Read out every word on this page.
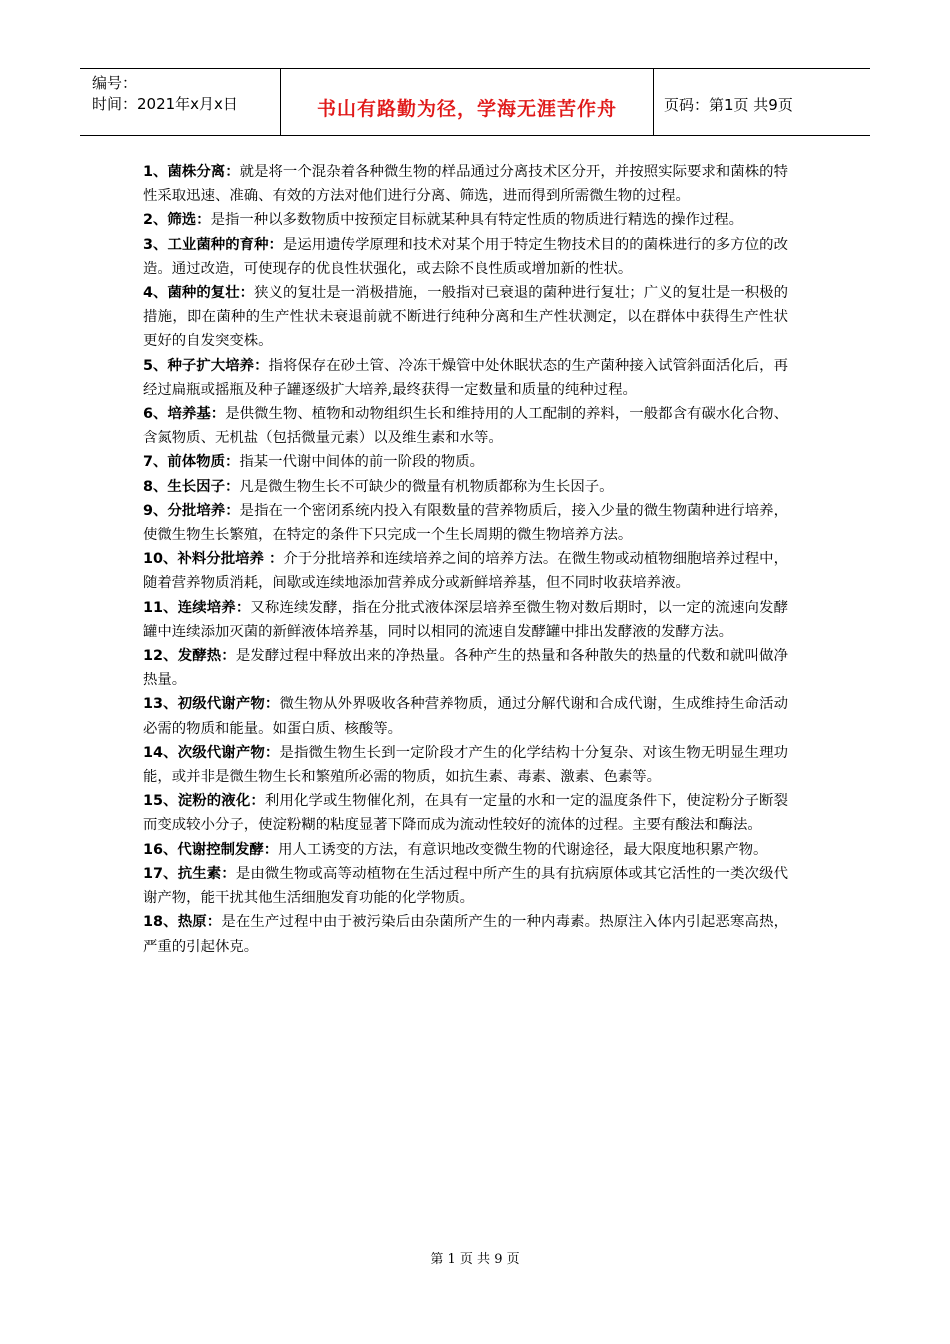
编号：
时间：2021年x月x日	书山有路勤为径，学海无涯苦作舟	页码：第1页 共9页

1、菌株分离：就是将一个混杂着各种微生物的样品通过分离技术区分开，并按照实际要求和菌株的特性采取迅速、准确、有效的方法对他们进行分离、筛选，进而得到所需微生物的过程。

2、筛选：是指一种以多数物质中按预定目标就某种具有特定性质的物质进行精选的操作过程。

3、工业菌种的育种：是运用遗传学原理和技术对某个用于特定生物技术目的的菌株进行的多方位的改造。通过改造，可使现存的优良性状强化，或去除不良性质或增加新的性状。

4、菌种的复壮：狭义的复壮是一消极措施，一般指对已衰退的菌种进行复壮；广义的复壮是一积极的措施，即在菌种的生产性状未衰退前就不断进行纯种分离和生产性状测定，以在群体中获得生产性状更好的自发突变株。

5、种子扩大培养：指将保存在砂土管、冷冻干燥管中处休眠状态的生产菌种接入试管斜面活化后，再经过扁瓶或摇瓶及种子罐逐级扩大培养,最终获得一定数量和质量的纯种过程。

6、培养基：是供微生物、植物和动物组织生长和维持用的人工配制的养料，一般都含有碳水化合物、含氮物质、无机盐（包括微量元素）以及维生素和水等。

7、前体物质：指某一代谢中间体的前一阶段的物质。

8、生长因子：凡是微生物生长不可缺少的微量有机物质都称为生长因子。

9、分批培养：是指在一个密闭系统内投入有限数量的营养物质后，接入少量的微生物菌种进行培养，使微生物生长繁殖，在特定的条件下只完成一个生长周期的微生物培养方法。

10、补料分批培养 ：介于分批培养和连续培养之间的培养方法。在微生物或动植物细胞培养过程中，随着营养物质消耗，间歇或连续地添加营养成分或新鲜培养基，但不同时收获培养液。

11、连续培养：又称连续发酵，指在分批式液体深层培养至微生物对数后期时，以一定的流速向发酵罐中连续添加灭菌的新鲜液体培养基，同时以相同的流速自发酵罐中排出发酵液的发酵方法。

12、发酵热：是发酵过程中释放出来的净热量。各种产生的热量和各种散失的热量的代数和就叫做净热量。

13、初级代谢产物：微生物从外界吸收各种营养物质，通过分解代谢和合成代谢，生成维持生命活动必需的物质和能量。如蛋白质、核酸等。

14、次级代谢产物：是指微生物生长到一定阶段才产生的化学结构十分复杂、对该生物无明显生理功能，或并非是微生物生长和繁殖所必需的物质，如抗生素、毒素、激素、色素等。

15、淀粉的液化：利用化学或生物催化剂，在具有一定量的水和一定的温度条件下，使淀粉分子断裂而变成较小分子，使淀粉糊的粘度显著下降而成为流动性较好的流体的过程。主要有酸法和酶法。

16、代谢控制发酵：用人工诱变的方法，有意识地改变微生物的代谢途径，最大限度地积累产物。

17、抗生素：是由微生物或高等动植物在生活过程中所产生的具有抗病原体或其它活性的一类次级代谢产物，能干扰其他生活细胞发育功能的化学物质。

18、热原：是在生产过程中由于被污染后由杂菌所产生的一种内毒素。热原注入体内引起恶寒高热，严重的引起休克。

第 1 页 共 9 页
